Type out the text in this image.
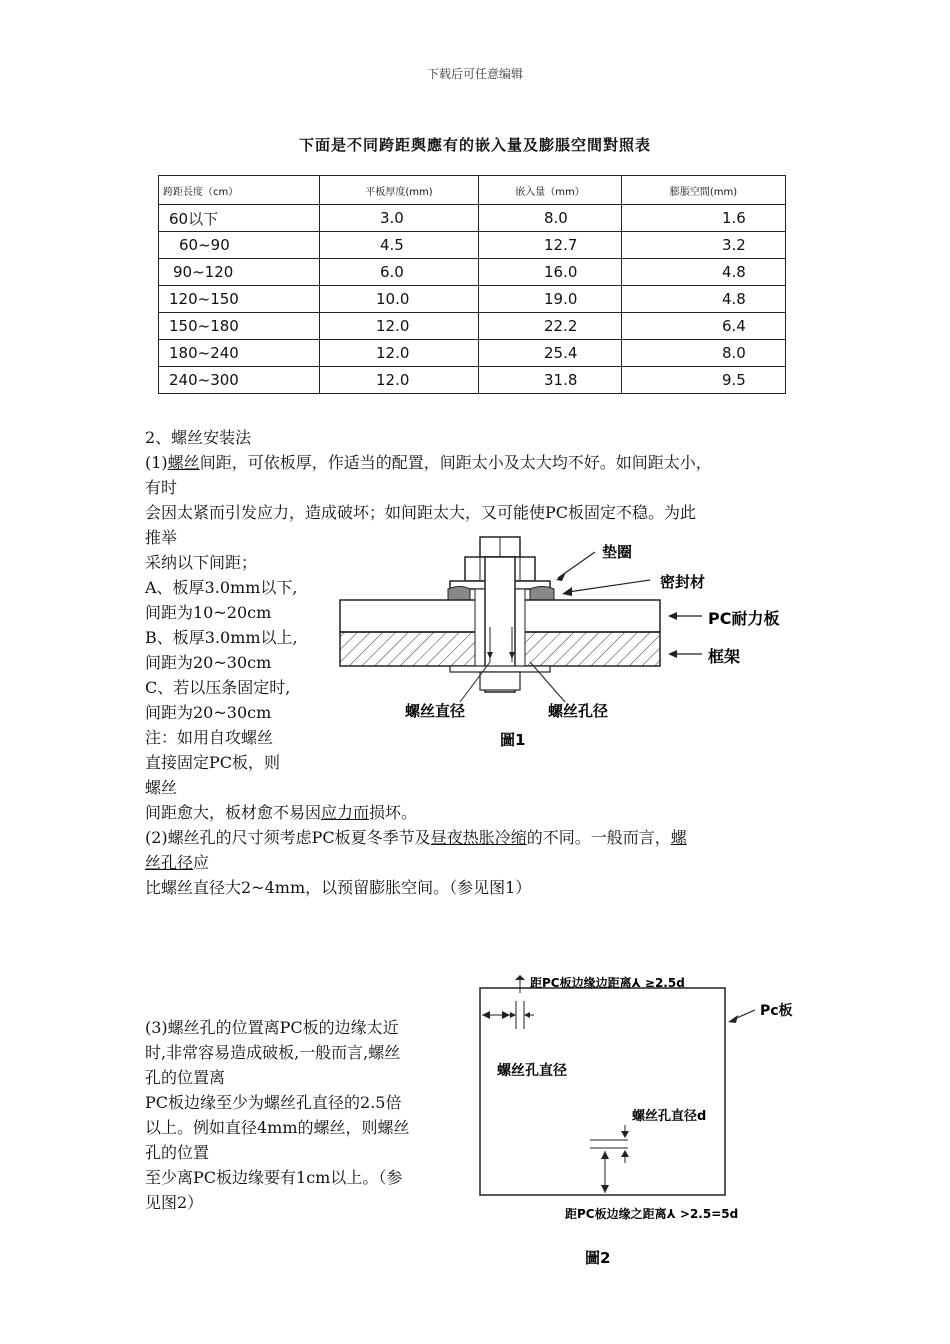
下载后可任意编辑
下面是不同跨距舆應有的嵌入量及膨脹空間對照表
跨距長度（cm）	平板厚度(mm)	嵌入量（mm）	膨脹空間(mm)
60以下	3.0	8.0	1.6
60~90	4.5	12.7	3.2
90~120	6.0	16.0	4.8
120~150	10.0	19.0	4.8
150~180	12.0	22.2	6.4
180~240	12.0	25.4	8.0
240~300	12.0	31.8	9.5
2、螺丝安装法
(1)螺丝间距，可依板厚，作适当的配置，间距太小及太大均不好。如间距太小，
有时
会因太紧而引发应力，造成破坏；如间距太大，又可能使PC板固定不稳。为此
推举
采纳以下间距；
A、板厚3.0mm以下,
间距为10~20cm
B、板厚3.0mm以上,
间距为20~30cm
C、若以压条固定时,
间距为20~30cm
注：如用自攻螺丝
直接固定PC板，则
螺丝
间距愈大，板材愈不易因应力而损坏。
(2)螺丝孔的尺寸须考虑PC板夏冬季节及昼夜热胀冷缩的不同。一般而言，螺
丝孔径应
比螺丝直径大2~4mm，以预留膨胀空间。（参见图1）
(3)螺丝孔的位置离PC板的边缘太近
时,非常容易造成破板,一般而言,螺丝
孔的位置离
PC板边缘至少为螺丝孔直径的2.5倍
以上。例如直径4mm的螺丝，则螺丝
孔的位置
至少离PC板边缘要有1cm以上。（参
见图2）
垫圈
密封材
PC耐力板
框架
螺丝直径	螺丝孔径
圖1
距PC板边缘边距离⅄ ≥2.5d
Pc板
螺丝孔直径
螺丝孔直径d
距PC板边缘之距离⅄ >2.5=5d
圖2
